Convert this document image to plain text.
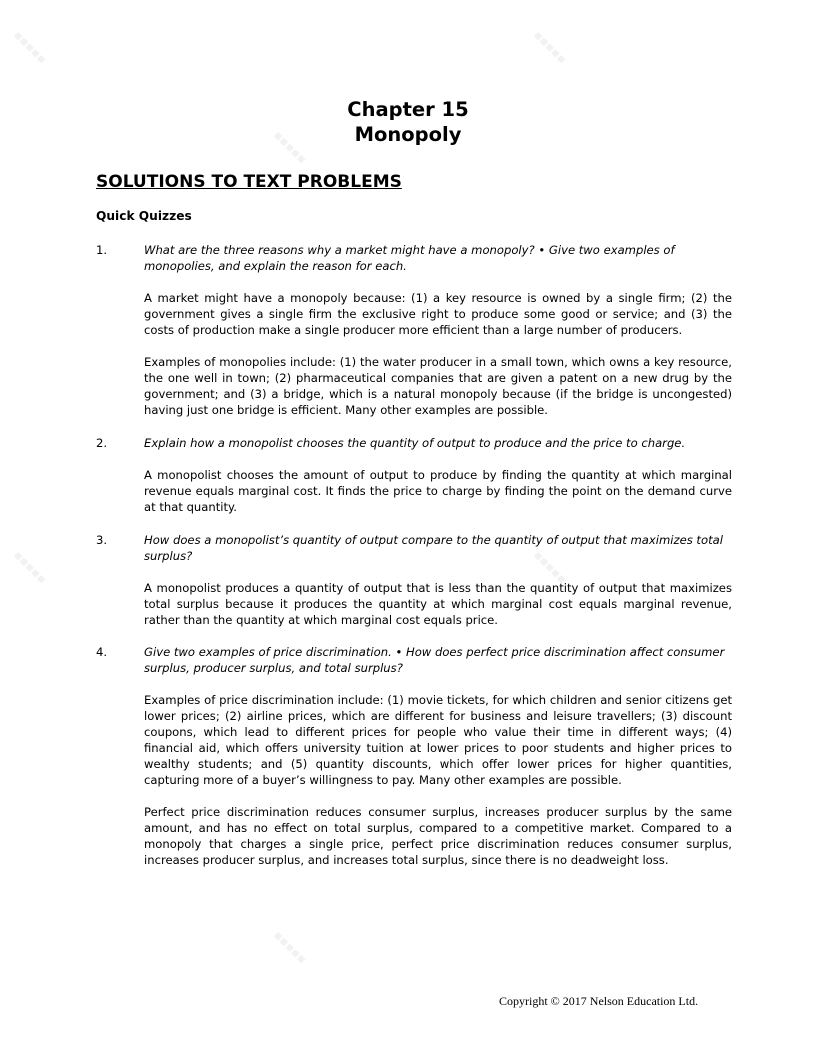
▪▪▪▪▪
▪▪▪▪▪
▪▪▪▪▪
▪▪▪▪▪	▪▪▪▪▪
▪▪▪▪▪
Chapter 15
Monopoly
SOLUTIONS TO TEXT PROBLEMS
Quick Quizzes
1.	What are the three reasons why a market might have a monopoly? • Give two examples of monopolies, and explain the reason for each.
A market might have a monopoly because: (1) a key resource is owned by a single firm; (2) the government gives a single firm the exclusive right to produce some good or service; and (3) the costs of production make a single producer more efficient than a large number of producers.
Examples of monopolies include: (1) the water producer in a small town, which owns a key resource, the one well in town; (2) pharmaceutical companies that are given a patent on a new drug by the government; and (3) a bridge, which is a natural monopoly because (if the bridge is uncongested) having just one bridge is efficient. Many other examples are possible.
2.	Explain how a monopolist chooses the quantity of output to produce and the price to charge.
A monopolist chooses the amount of output to produce by finding the quantity at which marginal revenue equals marginal cost. It finds the price to charge by finding the point on the demand curve at that quantity.
3.	How does a monopolist’s quantity of output compare to the quantity of output that maximizes total surplus?
A monopolist produces a quantity of output that is less than the quantity of output that maximizes total surplus because it produces the quantity at which marginal cost equals marginal revenue, rather than the quantity at which marginal cost equals price.
4.	Give two examples of price discrimination. • How does perfect price discrimination affect consumer surplus, producer surplus, and total surplus?
Examples of price discrimination include: (1) movie tickets, for which children and senior citizens get lower prices; (2) airline prices, which are different for business and leisure travellers; (3) discount coupons, which lead to different prices for people who value their time in different ways; (4) financial aid, which offers university tuition at lower prices to poor students and higher prices to wealthy students; and (5) quantity discounts, which offer lower prices for higher quantities, capturing more of a buyer’s willingness to pay. Many other examples are possible.
Perfect price discrimination reduces consumer surplus, increases producer surplus by the same amount, and has no effect on total surplus, compared to a competitive market. Compared to a monopoly that charges a single price, perfect price discrimination reduces consumer surplus, increases producer surplus, and increases total surplus, since there is no deadweight loss.
Copyright © 2017 Nelson Education Ltd.
